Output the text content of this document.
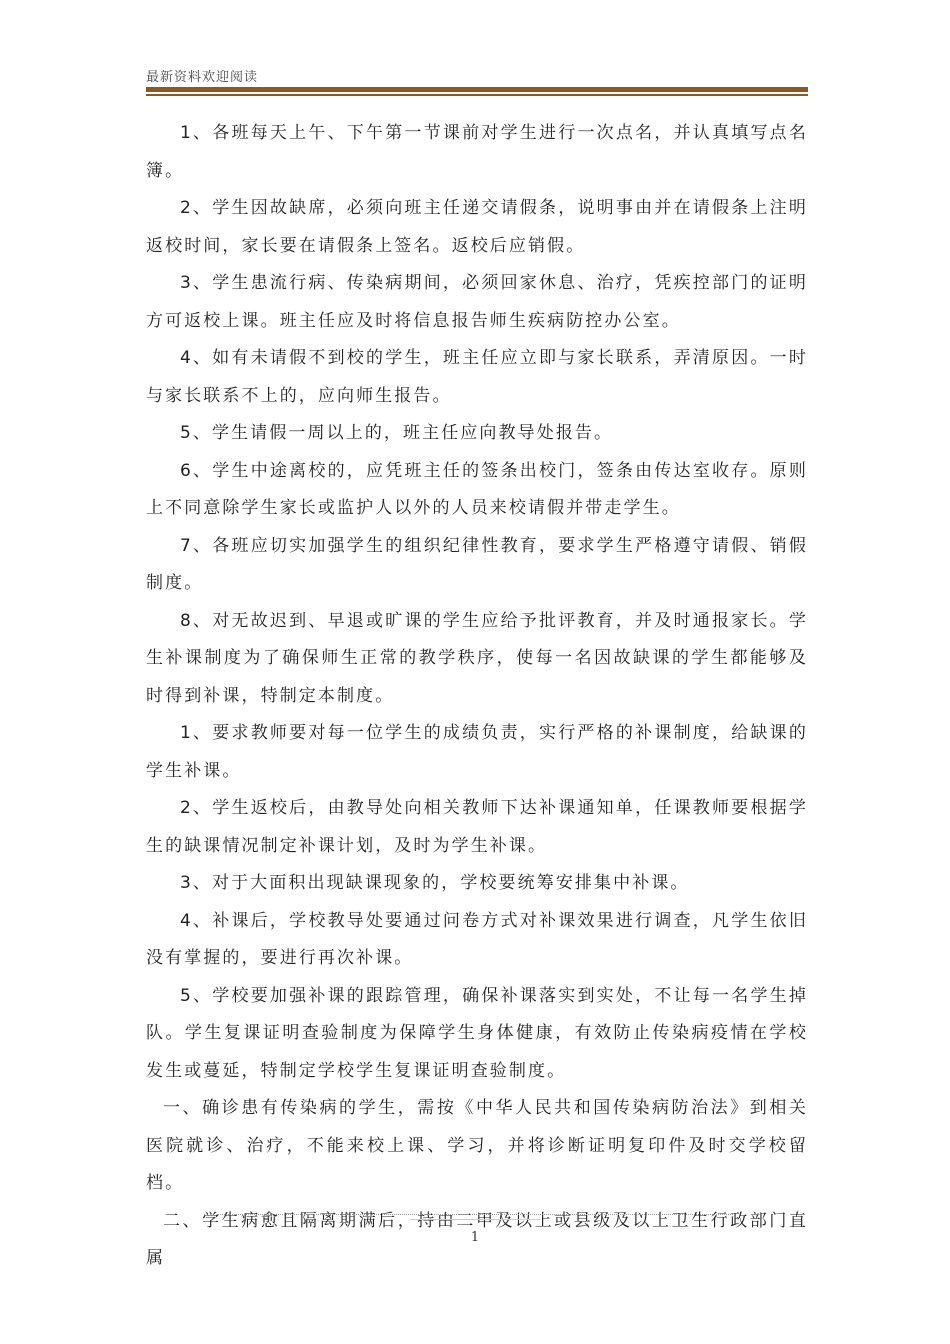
最新资料欢迎阅读

1、各班每天上午、下午第一节课前对学生进行一次点名，并认真填写点名簿。

2、学生因故缺席，必须向班主任递交请假条，说明事由并在请假条上注明返校时间，家长要在请假条上签名。返校后应销假。

3、学生患流行病、传染病期间，必须回家休息、治疗，凭疾控部门的证明方可返校上课。班主任应及时将信息报告师生疾病防控办公室。

4、如有未请假不到校的学生，班主任应立即与家长联系，弄清原因。一时与家长联系不上的，应向师生报告。

5、学生请假一周以上的，班主任应向教导处报告。

6、学生中途离校的，应凭班主任的签条出校门，签条由传达室收存。原则上不同意除学生家长或监护人以外的人员来校请假并带走学生。

7、各班应切实加强学生的组织纪律性教育，要求学生严格遵守请假、销假制度。

8、对无故迟到、早退或旷课的学生应给予批评教育，并及时通报家长。学生补课制度为了确保师生正常的教学秩序，使每一名因故缺课的学生都能够及时得到补课，特制定本制度。

1、要求教师要对每一位学生的成绩负责，实行严格的补课制度，给缺课的学生补课。

2、学生返校后，由教导处向相关教师下达补课通知单，任课教师要根据学生的缺课情况制定补课计划，及时为学生补课。

3、对于大面积出现缺课现象的，学校要统筹安排集中补课。

4、补课后，学校教导处要通过问卷方式对补课效果进行调查，凡学生依旧没有掌握的，要进行再次补课。

5、学校要加强补课的跟踪管理，确保补课落实到实处，不让每一名学生掉队。学生复课证明查验制度为保障学生身体健康，有效防止传染病疫情在学校发生或蔓延，特制定学校学生复课证明查验制度。

一、确诊患有传染病的学生，需按《中华人民共和国传染病防治法》到相关医院就诊、治疗，不能来校上课、学习，并将诊断证明复印件及时交学校留档。

二、学生病愈且隔离期满后，持由二甲及以上或县级及以上卫生行政部门直属

1
